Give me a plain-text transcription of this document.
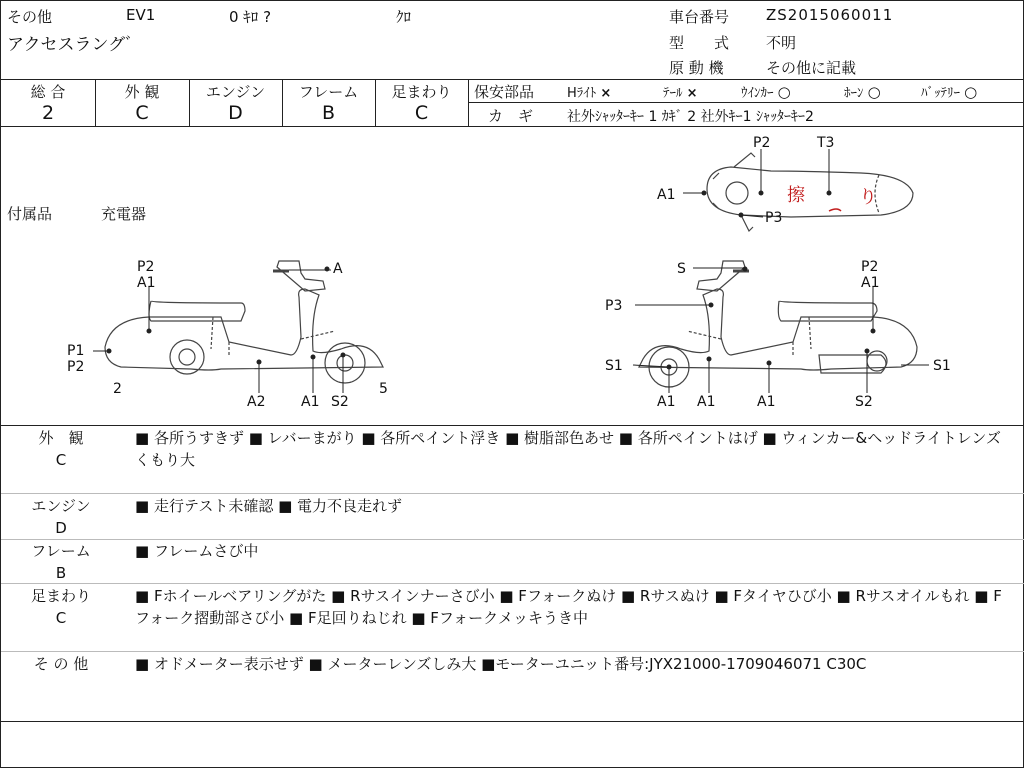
その他	EV1	0 ｷﾛ ?	ｸﾛ
アクセスラングﾞ
車台番号 ZS2015060011
型　　式 不明
原 動 機	その他に記載
総 合
2
外 観
C
エンジン
D
フレーム
B
足まわり
C
保安部品	Hﾗｲﾄ ×	ﾃｰﾙ ×	ｳｲﾝｶｰ ○	ﾎｰﾝ ○	ﾊﾞｯﾃﾘｰ ○
カ　ギ 社外ｼｬｯﾀｰｷｰ 1 ｶｷﾞ 2 社外ｷｰ1 ｼｬｯﾀｰｷｰ2
付属品	充電器
擦	り
P2	T3
A1
P3
P2
A1
A
P1
P2
2
A2	A1 S2
5
S	P2
A1
P3
S1	S1
A1 A1	A1	S2
外　観
C
■ 各所うすきず ■ レバーまがり ■ 各所ペイント浮き ■ 樹脂部色あせ ■ 各所ペイントはげ ■ ウィンカー&ヘッドライトレンズくもり大
エンジン
D
■ 走行テスト未確認 ■ 電力不良走れず
フレーム
B
■ フレームさび中
足まわり
C
■ Fホイールベアリングがた ■ Rサスインナーさび小 ■ Fフォークぬけ ■ Rサスぬけ ■ Fタイヤひび小 ■ Rサスオイルもれ ■ Fフォーク摺動部さび小 ■ F足回りねじれ ■ Fフォークメッキうき中
そ の 他	■ オドメーター表示せず ■ メーターレンズしみ大 ■モーターユニット番号:JYX21000-1709046071 C30C
